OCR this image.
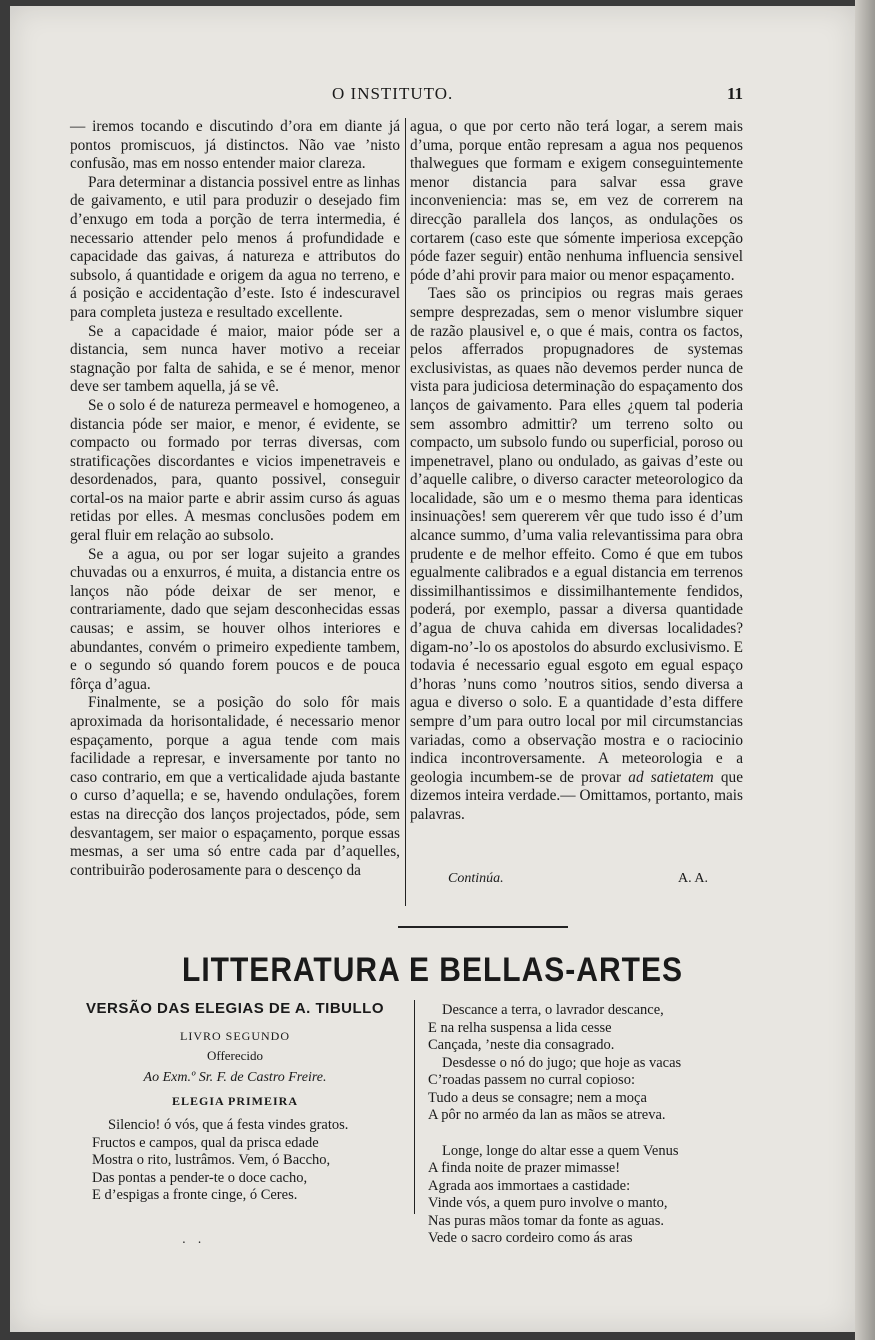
O INSTITUTO.	11

— iremos tocando e discutindo d’ora em diante já pontos promiscuos, já distinctos. Não vae ’nisto confusão, mas em nosso entender maior clareza.

Para determinar a distancia possivel entre as linhas de gaivamento, e util para produzir o desejado fim d’enxugo em toda a porção de terra intermedia, é necessario attender pelo menos á profundidade e capacidade das gaivas, á natureza e attributos do subsolo, á quantidade e origem da agua no terreno, e á posição e accidentação d’este. Isto é indescuravel para completa justeza e resultado excellente.

Se a capacidade é maior, maior póde ser a distancia, sem nunca haver motivo a receiar stagnação por falta de sahida, e se é menor, menor deve ser tambem aquella, já se vê.

Se o solo é de natureza permeavel e homogeneo, a distancia póde ser maior, e menor, é evidente, se compacto ou formado por terras diversas, com stratificações discordantes e vicios impenetraveis e desordenados, para, quanto possivel, conseguir cortal-os na maior parte e abrir assim curso ás aguas retidas por elles. A mesmas conclusões podem em geral fluir em relação ao subsolo.

Se a agua, ou por ser logar sujeito a grandes chuvadas ou a enxurros, é muita, a distancia entre os lanços não póde deixar de ser menor, e contrariamente, dado que sejam desconhecidas essas causas; e assim, se houver olhos interiores e abundantes, convém o primeiro expediente tambem, e o segundo só quando forem poucos e de pouca fôrça d’agua.

Finalmente, se a posição do solo fôr mais aproximada da horisontalidade, é necessario menor espaçamento, porque a agua tende com mais facilidade a represar, e inversamente por tanto no caso contrario, em que a verticalidade ajuda bastante o curso d’aquella; e se, havendo ondulações, forem estas na direcção dos lanços projectados, póde, sem desvantagem, ser maior o espaçamento, porque essas mesmas, a ser uma só entre cada par d’aquelles, contribuirão poderosamente para o descenço da

agua, o que por certo não terá logar, a serem mais d’uma, porque então represam a agua nos pequenos thalwegues que formam e exigem conseguintemente menor distancia para salvar essa grave inconveniencia: mas se, em vez de correrem na direcção parallela dos lanços, as ondulações os cortarem (caso este que sómente imperiosa excepção póde fazer seguir) então nenhuma influencia sensivel póde d’ahi provir para maior ou menor espaçamento.

Taes são os principios ou regras mais geraes sempre desprezadas, sem o menor vislumbre siquer de razão plausivel e, o que é mais, contra os factos, pelos afferrados propugnadores de systemas exclusivistas, as quaes não devemos perder nunca de vista para judiciosa determinação do espaçamento dos lanços de gaivamento. Para elles ¿quem tal poderia sem assombro admittir? um terreno solto ou compacto, um subsolo fundo ou superficial, poroso ou impenetravel, plano ou ondulado, as gaivas d’este ou d’aquelle calibre, o diverso caracter meteorologico da localidade, são um e o mesmo thema para identicas insinuações! sem quererem vêr que tudo isso é d’um alcance summo, d’uma valia relevantissima para obra prudente e de melhor effeito. Como é que em tubos egualmente calibrados e a egual distancia em terrenos dissimilhantissimos e dissimilhantemente fendidos, poderá, por exemplo, passar a diversa quantidade d’agua de chuva cahida em diversas localidades? digam-no’-lo os apostolos do absurdo exclusivismo. E todavia é necessario egual esgoto em egual espaço d’horas ’nuns como ’noutros sitios, sendo diversa a agua e diverso o solo. E a quantidade d’esta differe sempre d’um para outro local por mil circumstancias variadas, como a observação mostra e o raciocinio indica incontroversamente. A meteorologia e a geologia incumbem-se de provar ad satietatem que dizemos inteira verdade.— Omittamos, portanto, mais palavras.

Continúa.	A. A.
LITTERATURA E BELLAS-ARTES
VERSÃO DAS ELEGIAS DE A. TIBULLO
LIVRO SEGUNDO
Offerecido
Ao Exm.º Sr. F. de Castro Freire.
ELEGIA PRIMEIRA
Silencio! ó vós, que á festa vindes gratos.
Fructos e campos, qual da prisca edade
Mostra o rito, lustrâmos. Vem, ó Baccho,
Das pontas a pender-te o doce cacho,
E d’espigas a fronte cinge, ó Ceres.
Descance a terra, o lavrador descance,
E na relha suspensa a lida cesse
Cançada, ’neste dia consagrado.
Desdesse o nó do jugo; que hoje as vacas
C’roadas passem no curral copioso:
Tudo a deus se consagre; nem a moça
A pôr no arméo da lan as mãos se atreva.
Longe, longe do altar esse a quem Venus
A finda noite de prazer mimasse!
Agrada aos immortaes a castidade:
Vinde vós, a quem puro involve o manto,
Nas puras mãos tomar da fonte as aguas.
Vede o sacro cordeiro como ás aras
. .
